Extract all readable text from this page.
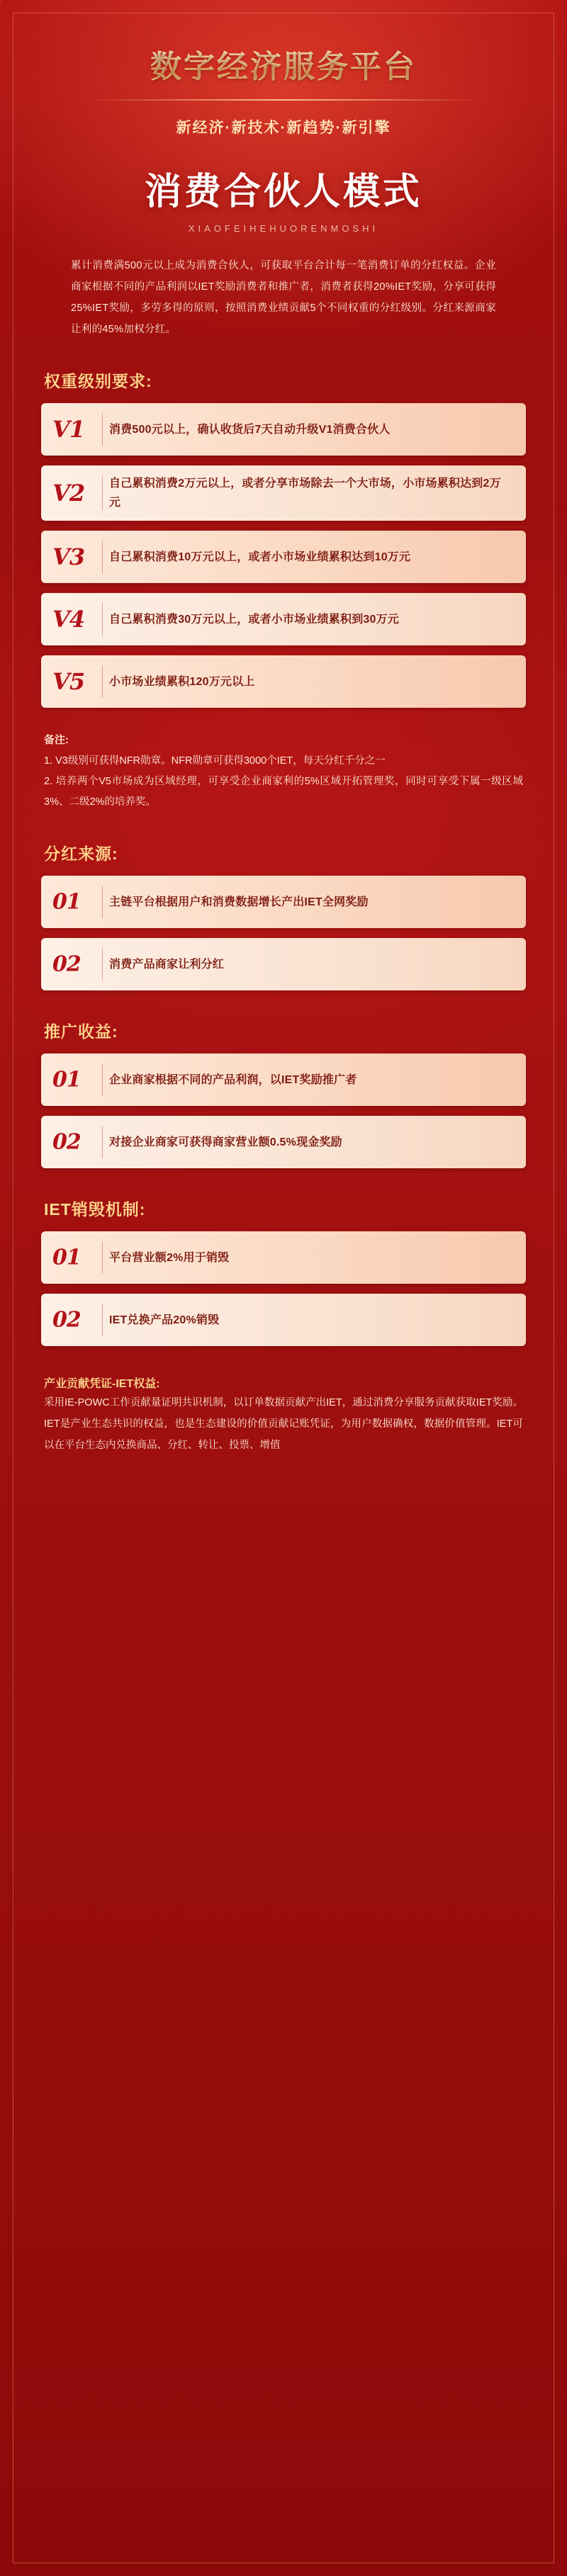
数字经济服务平台
新经济·新技术·新趋势·新引擎
消费合伙人模式
XIAOFEIHEHUORENMOSHI

累计消费满500元以上成为消费合伙人，可获取平台合计每一笔消费订单的分红权益。企业商家根据不同的产品利润以IET奖励消费者和推广者，消费者获得20%IET奖励，分享可获得25%IET奖励，多劳多得的原则，按照消费业绩贡献5个不同权重的分红级别。分红来源商家让利的45%加权分红。

权重级别要求:
V1	消费500元以上，确认收货后7天自动升级V1消费合伙人
V2	自己累积消费2万元以上，或者分享市场除去一个大市场，小市场累积达到2万元
V3	自己累积消费10万元以上，或者小市场业绩累积达到10万元
V4	自己累积消费30万元以上，或者小市场业绩累积到30万元
V5	小市场业绩累积120万元以上
备注:
1. V3级别可获得NFR勋章。NFR勋章可获得3000个IET，每天分红千分之一
2. 培养两个V5市场成为区域经理，可享受企业商家利的5%区域开拓管理奖，同时可享受下属一级区域3%、二级2%的培养奖。
分红来源:
01	主链平台根据用户和消费数据增长产出IET全网奖励
02	消费产品商家让利分红
推广收益:
01	企业商家根据不同的产品利润，以IET奖励推广者
02	对接企业商家可获得商家营业额0.5%现金奖励
IET销毁机制:
01	平台营业额2%用于销毁
02	IET兑换产品20%销毁
产业贡献凭证-IET权益:
采用IE-POWC工作贡献量证明共识机制，以订单数据贡献产出IET，通过消费分享服务贡献获取IET奖励。IET是产业生态共识的权益，也是生态建设的价值贡献记账凭证，为用户数据确权，数据价值管理。IET可以在平台生态内兑换商品、分红、转让、投票、增值
